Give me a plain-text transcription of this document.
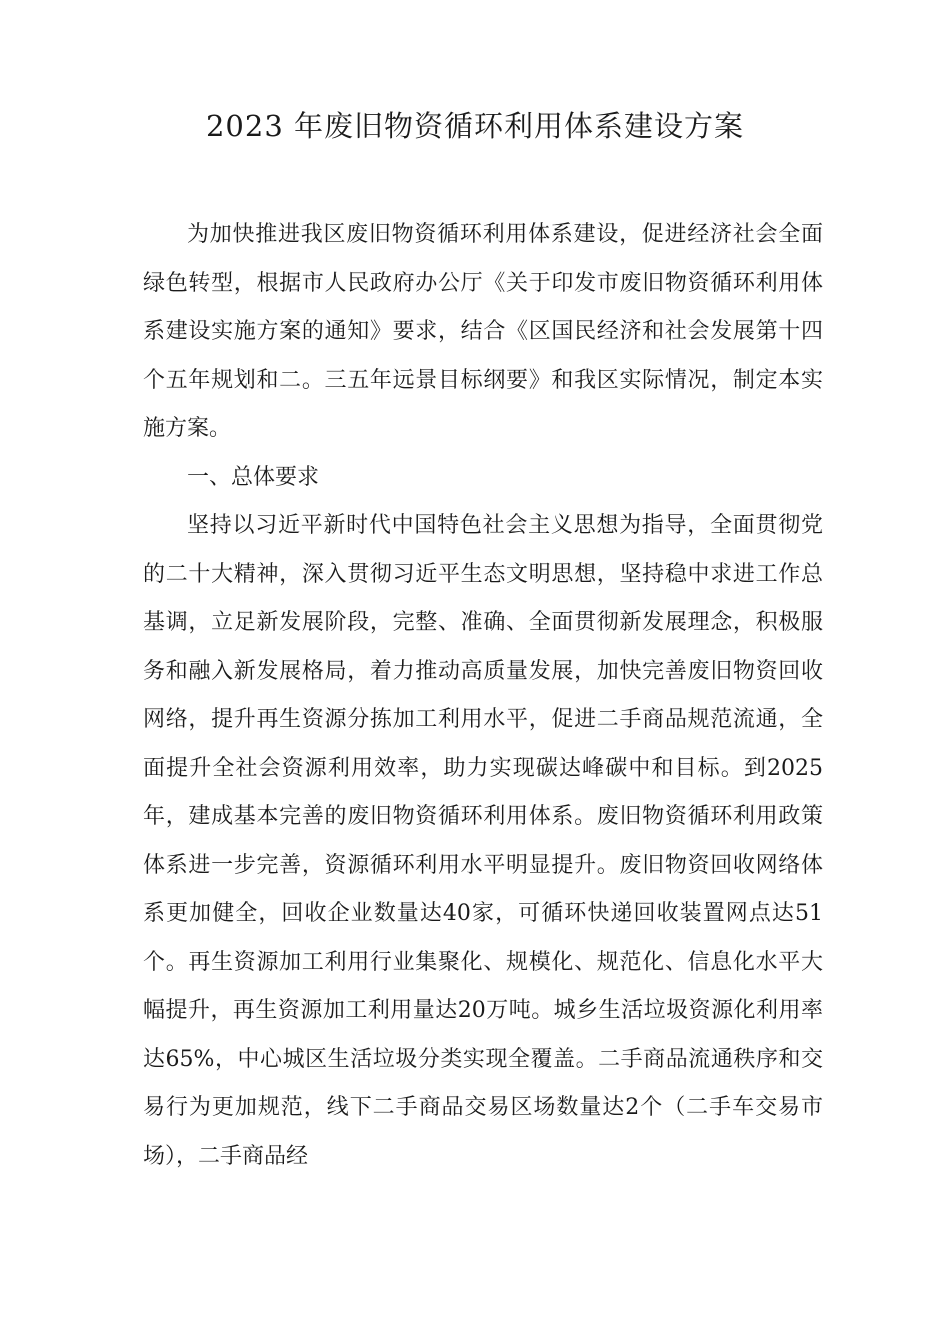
2023 年废旧物资循环利用体系建设方案

为加快推进我区废旧物资循环利用体系建设，促进经济社会全面绿色转型，根据市人民政府办公厅《关于印发市废旧物资循环利用体系建设实施方案的通知》要求，结合《区国民经济和社会发展第十四个五年规划和二。三五年远景目标纲要》和我区实际情况，制定本实施方案。

一、总体要求

坚持以习近平新时代中国特色社会主义思想为指导，全面贯彻党的二十大精神，深入贯彻习近平生态文明思想，坚持稳中求进工作总基调，立足新发展阶段，完整、准确、全面贯彻新发展理念，积极服务和融入新发展格局，着力推动高质量发展，加快完善废旧物资回收网络，提升再生资源分拣加工利用水平，促进二手商品规范流通，全面提升全社会资源利用效率，助力实现碳达峰碳中和目标。到2025年，建成基本完善的废旧物资循环利用体系。废旧物资循环利用政策体系进一步完善，资源循环利用水平明显提升。废旧物资回收网络体系更加健全，回收企业数量达40家，可循环快递回收装置网点达51个。再生资源加工利用行业集聚化、规模化、规范化、信息化水平大幅提升，再生资源加工利用量达20万吨。城乡生活垃圾资源化利用率达65%，中心城区生活垃圾分类实现全覆盖。二手商品流通秩序和交易行为更加规范，线下二手商品交易区场数量达2个（二手车交易市场），二手商品经
